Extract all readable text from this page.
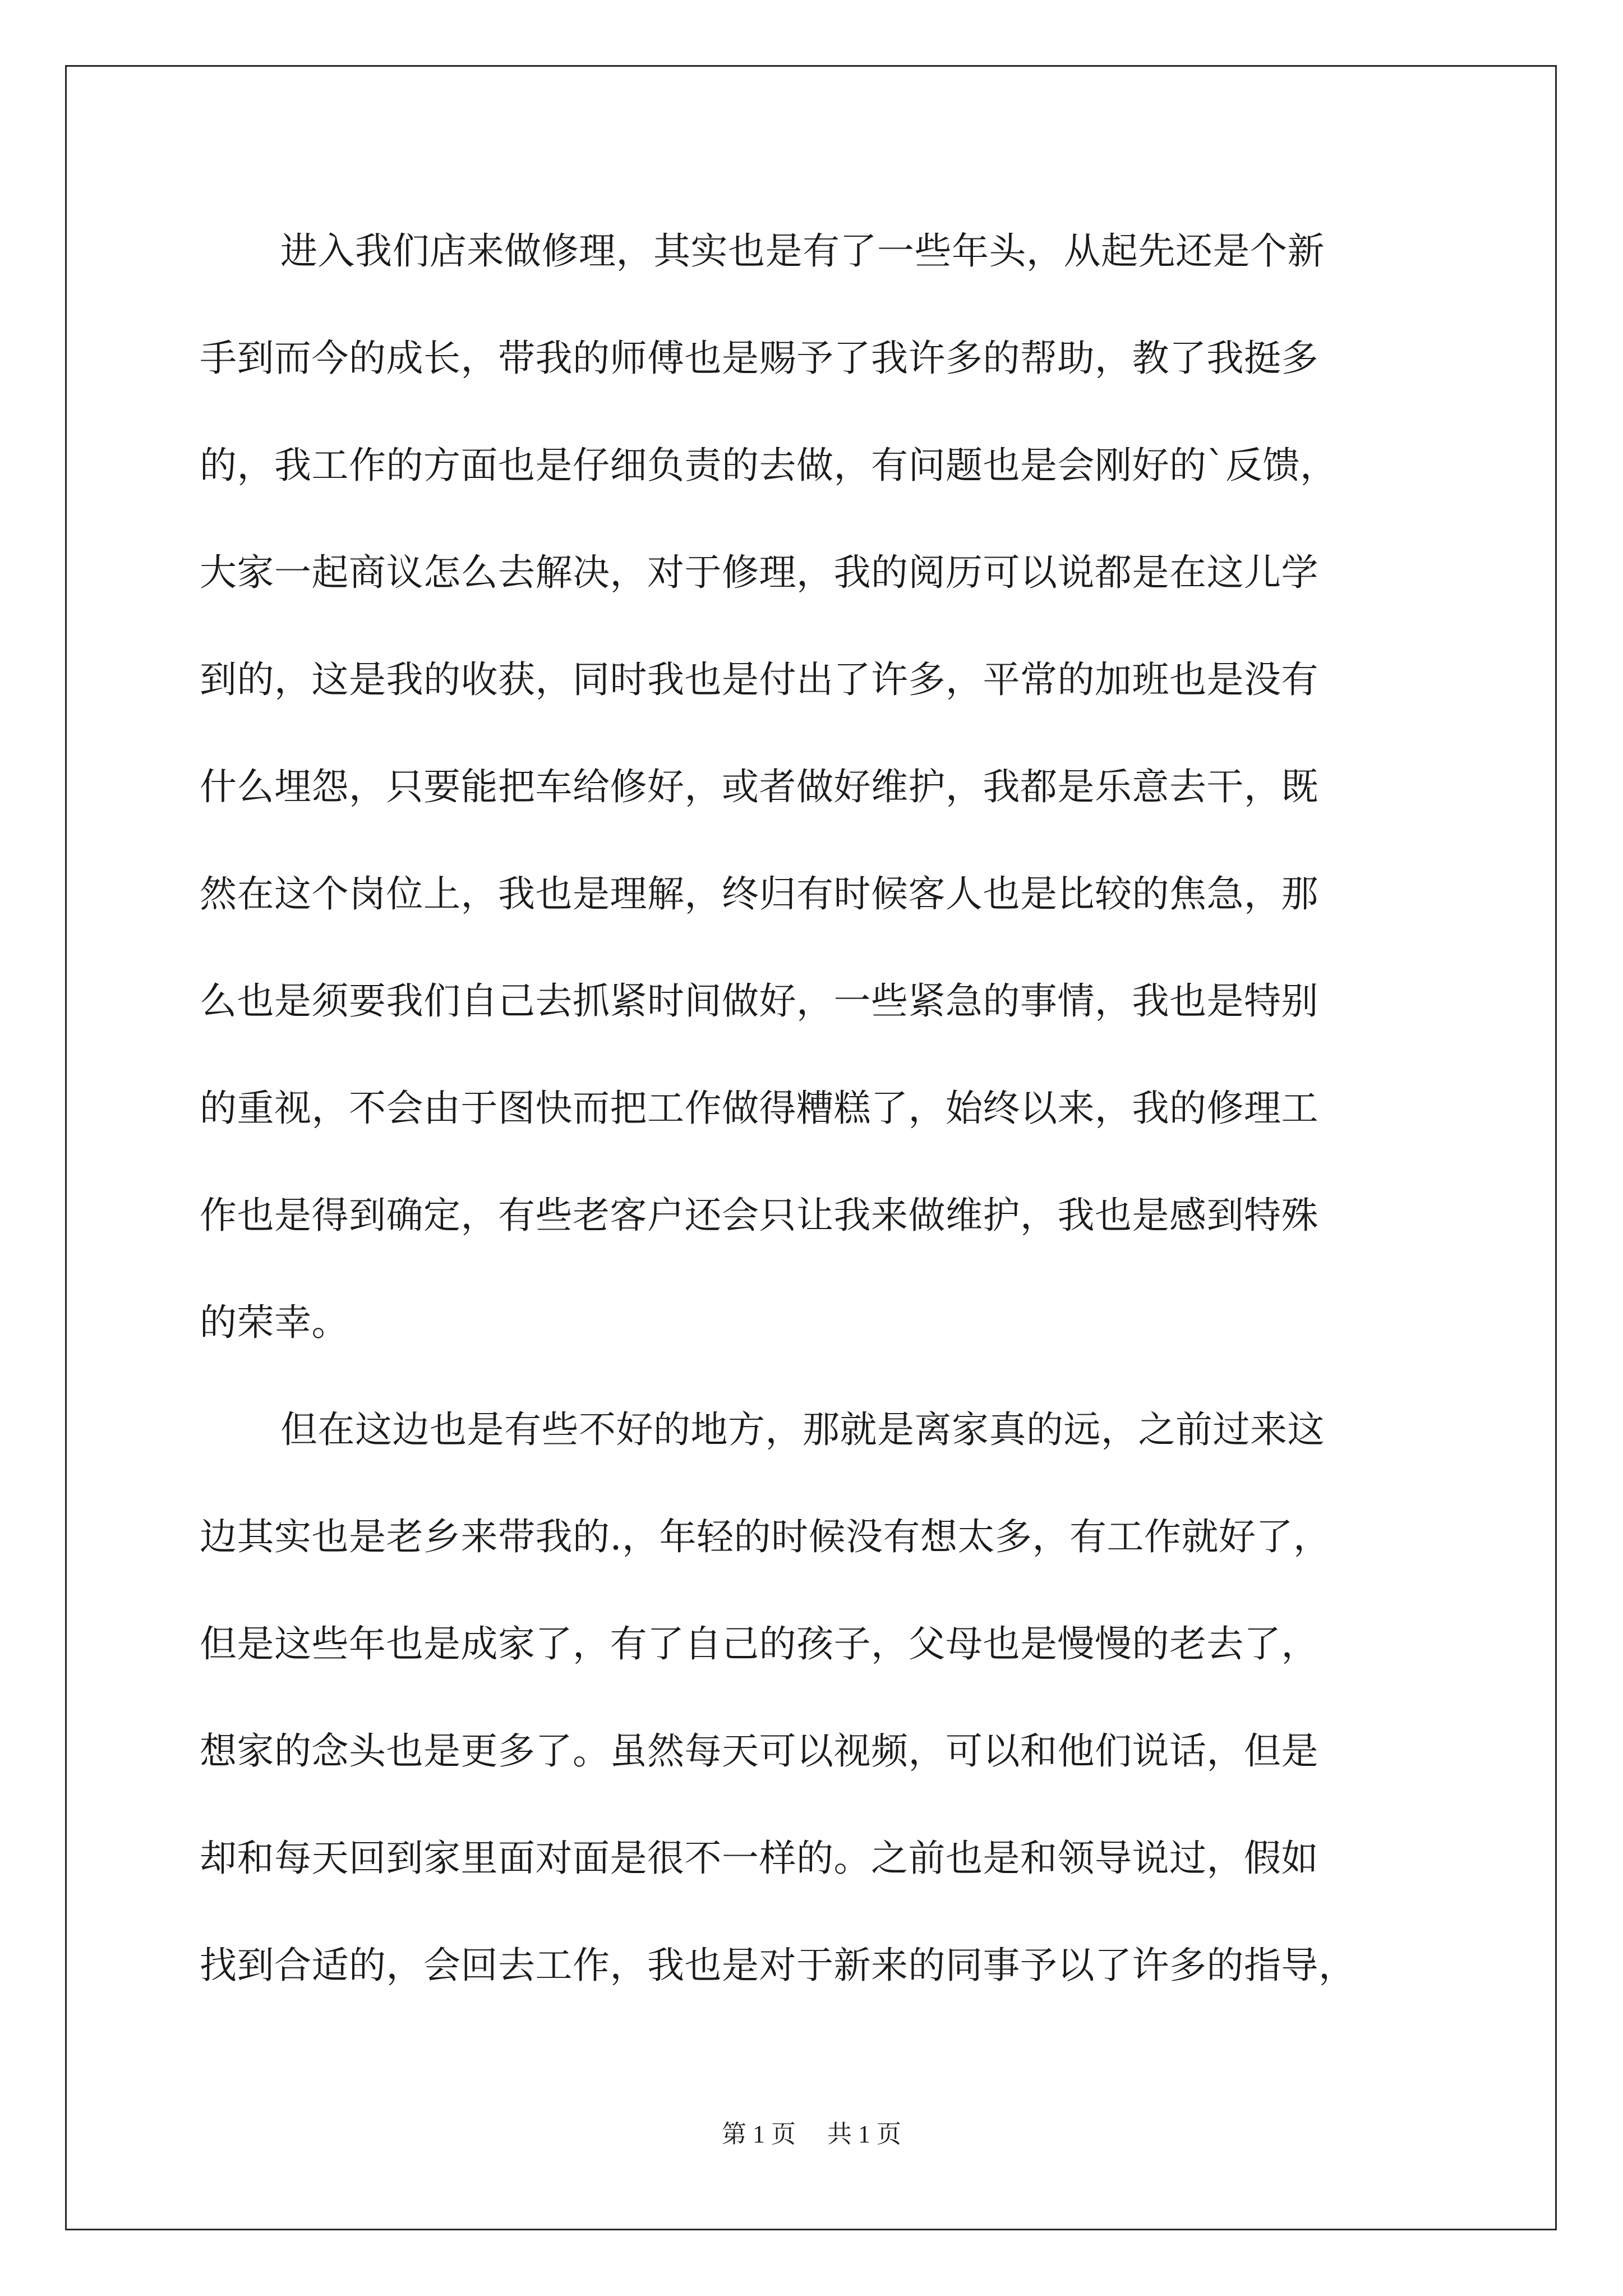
进入我们店来做修理，其实也是有了一些年头，从起先还是个新
手到而今的成长，带我的师傅也是赐予了我许多的帮助，教了我挺多
的，我工作的方面也是仔细负责的去做，有问题也是会刚好的`反馈，
大家一起商议怎么去解决，对于修理，我的阅历可以说都是在这儿学
到的，这是我的收获，同时我也是付出了许多，平常的加班也是没有
什么埋怨，只要能把车给修好，或者做好维护，我都是乐意去干，既
然在这个岗位上，我也是理解，终归有时候客人也是比较的焦急，那
么也是须要我们自己去抓紧时间做好，一些紧急的事情，我也是特别
的重视，不会由于图快而把工作做得糟糕了，始终以来，我的修理工
作也是得到确定，有些老客户还会只让我来做维护，我也是感到特殊
的荣幸。
但在这边也是有些不好的地方，那就是离家真的远，之前过来这
边其实也是老乡来带我的.，年轻的时候没有想太多，有工作就好了，
但是这些年也是成家了，有了自己的孩子，父母也是慢慢的老去了，
想家的念头也是更多了。虽然每天可以视频，可以和他们说话，但是
却和每天回到家里面对面是很不一样的。之前也是和领导说过，假如
找到合适的，会回去工作，我也是对于新来的同事予以了许多的指导，
第 1 页 共 1 页
